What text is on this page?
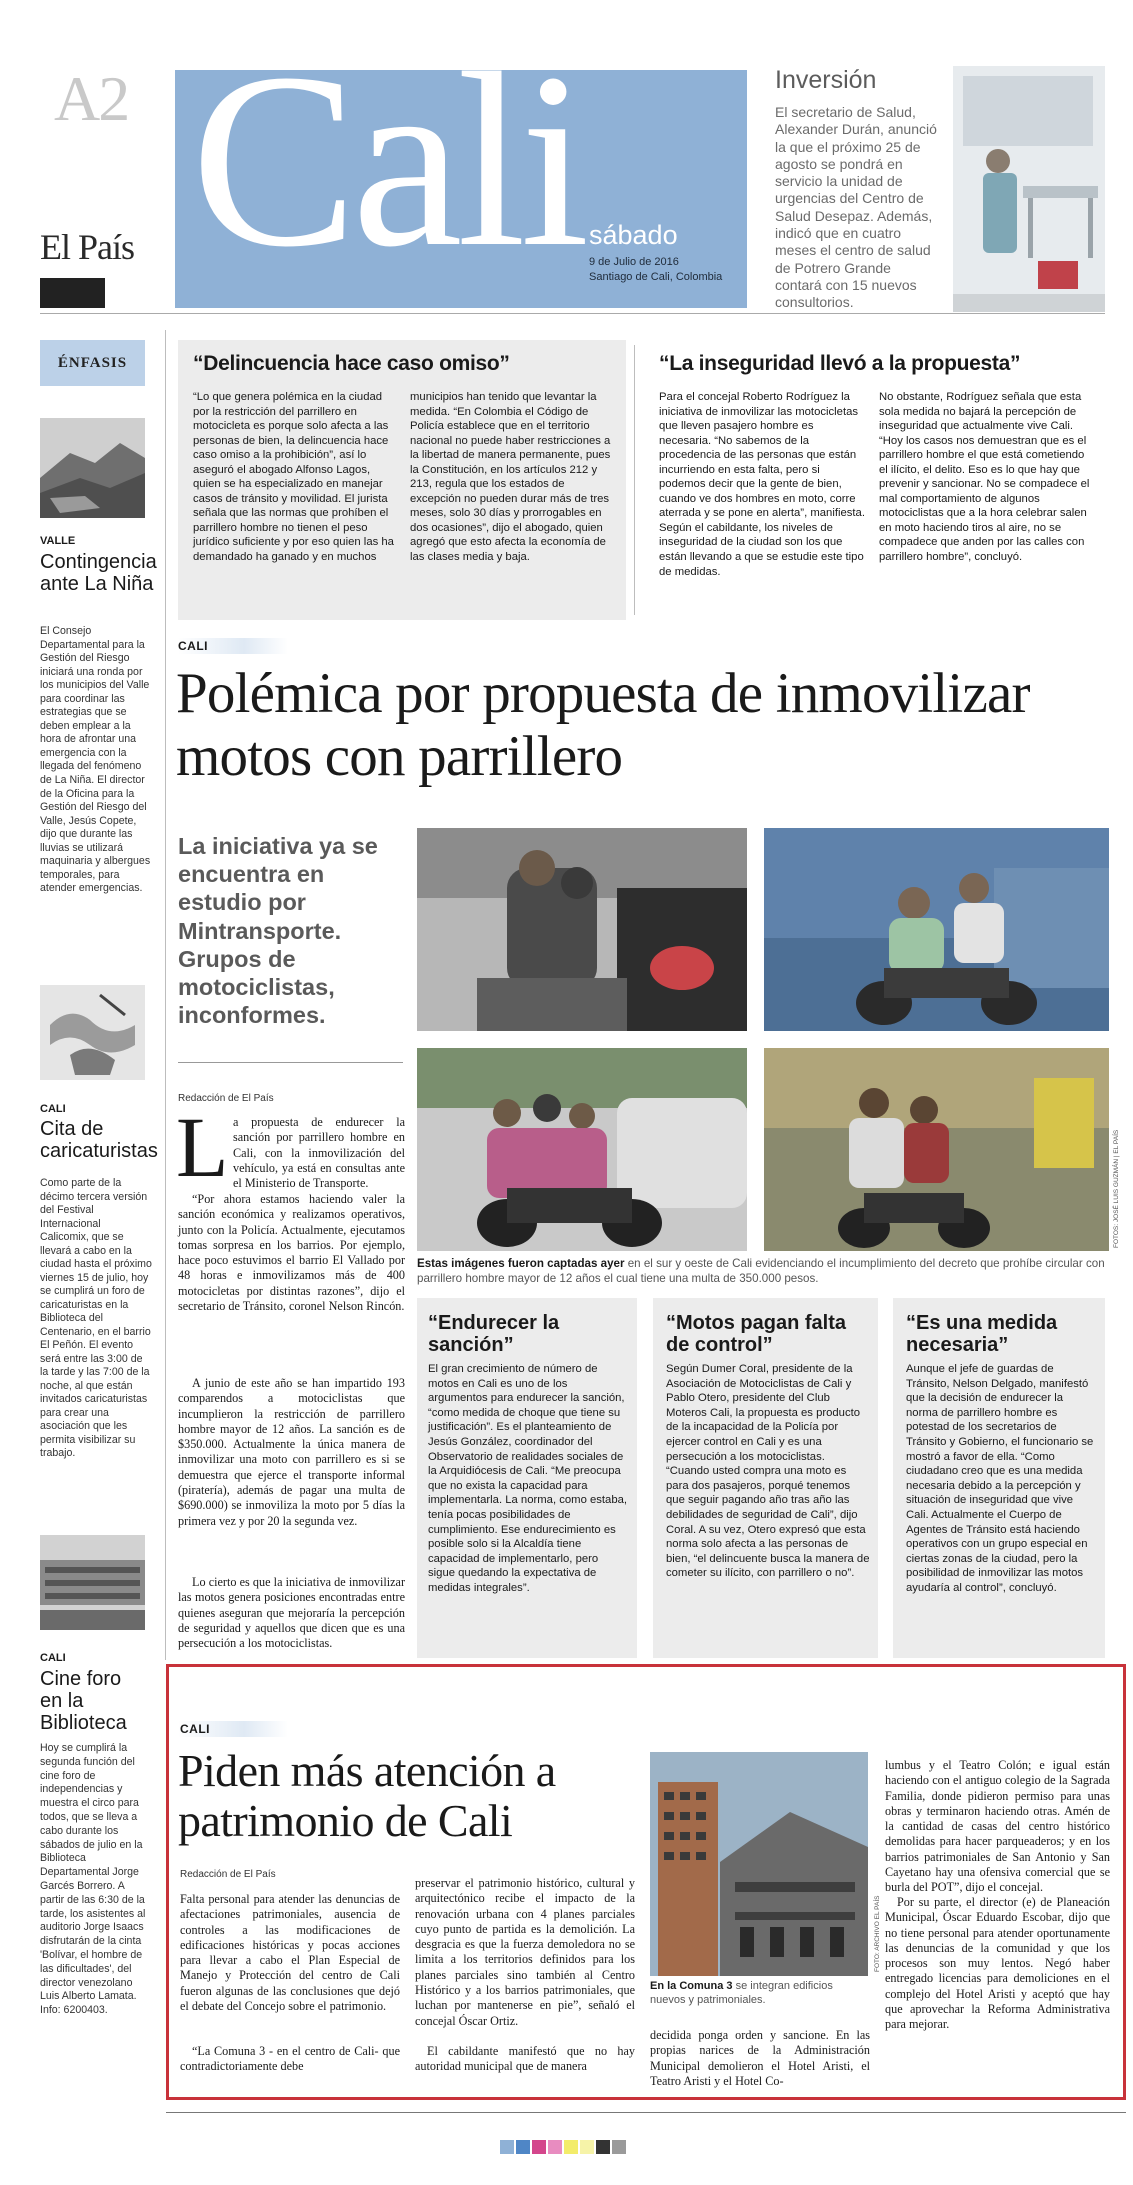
A2
El País Cali sábado
9 de Julio de 2016
Santiago de Cali, Colombia
Inversión
El secretario de Salud, Alexander Durán, anunció la que el próximo 25 de agosto se pondrá en servicio la unidad de urgencias del Centro de Salud Desepaz. Además, indicó que en cuatro meses el centro de salud de Potrero Grande contará con 15 nuevos consultorios.
ÉNFASIS
VALLE
Contingencia ante La Niña
El Consejo Departamental para la Gestión del Riesgo iniciará una ronda por los municipios del Valle para coordinar las estrategias que se deben emplear a la hora de afrontar una emergencia con la llegada del fenómeno de La Niña. El director de la Oficina para la Gestión del Riesgo del Valle, Jesús Copete, dijo que durante las lluvias se utilizará maquinaria y albergues temporales, para atender emergencias.
CALI
Cita de caricaturistas
Como parte de la décimo tercera versión del Festival Internacional Calicomix, que se llevará a cabo en la ciudad hasta el próximo viernes 15 de julio, hoy se cumplirá un foro de caricaturistas en la Biblioteca del Centenario, en el barrio El Peñón. El evento será entre las 3:00 de la tarde y las 7:00 de la noche, al que están invitados caricaturistas para crear una asociación que les permita visibilizar su trabajo.
CALI
Cine foro en la Biblioteca
Hoy se cumplirá la segunda función del cine foro de independencias y muestra el circo para todos, que se lleva a cabo durante los sábados de julio en la Biblioteca Departamental Jorge Garcés Borrero. A partir de las 6:30 de la tarde, los asistentes al auditorio Jorge Isaacs disfrutarán de la cinta 'Bolívar, el hombre de las dificultades', del director venezolano Luis Alberto Lamata. Info: 6200403.
“Delincuencia hace caso omiso”
“Lo que genera polémica en la ciudad por la restricción del parrillero en motocicleta es porque solo afecta a las personas de bien, la delincuencia hace caso omiso a la prohibición”, así lo aseguró el abogado Alfonso Lagos, quien se ha especializado en manejar casos de tránsito y movilidad. El jurista señala que las normas que prohíben el parrillero hombre no tienen el peso jurídico suficiente y por eso quien las ha demandado ha ganado y en muchos
municipios han tenido que levantar la medida. “En Colombia el Código de Policía establece que en el territorio nacional no puede haber restricciones a la libertad de manera permanente, pues la Constitución, en los artículos 212 y 213, regula que los estados de excepción no pueden durar más de tres meses, solo 30 días y prorrogables en dos ocasiones”, dijo el abogado, quien agregó que esto afecta la economía de las clases media y baja.
“La inseguridad llevó a la propuesta”
Para el concejal Roberto Rodríguez la iniciativa de inmovilizar las motocicletas que lleven pasajero hombre es necesaria. “No sabemos de la procedencia de las personas que están incurriendo en esta falta, pero si podemos decir que la gente de bien, cuando ve dos hombres en moto, corre aterrada y se pone en alerta”, manifiesta. Según el cabildante, los niveles de inseguridad de la ciudad son los que están llevando a que se estudie este tipo de medidas.
No obstante, Rodríguez señala que esta sola medida no bajará la percepción de inseguridad que actualmente vive Cali. “Hoy los casos nos demuestran que es el parrillero hombre el que está cometiendo el ilícito, el delito. Eso es lo que hay que prevenir y sancionar. No se compadece el mal comportamiento de algunos motociclistas que a la hora celebrar salen en moto haciendo tiros al aire, no se compadece que anden por las calles con parrillero hombre”, concluyó.
CALI
Polémica por propuesta de inmovilizar motos con parrillero
La iniciativa ya se encuentra en estudio por Mintransporte. Grupos de motociclistas, inconformes.
FOTOS: JOSÉ LUIS GUZMÁN | EL PAÍS
Estas imágenes fueron captadas ayer en el sur y oeste de Cali evidenciando el incumplimiento del decreto que prohíbe circular con parrillero hombre mayor de 12 años el cual tiene una multa de 350.000 pesos.
Redacción de El País
L a propuesta de endurecer la sanción por parrillero hombre en Cali, con la inmovilización del vehículo, ya está en consultas ante el Ministerio de Transporte.
“Por ahora estamos haciendo valer la sanción económica y realizamos operativos, junto con la Policía. Actualmente, ejecutamos tomas sorpresa en los barrios. Por ejemplo, hace poco estuvimos el barrio El Vallado por 48 horas e inmovilizamos más de 400 motocicletas por distintas razones”, dijo el secretario de Tránsito, coronel Nelson Rincón.
A junio de este año se han impartido 193 comparendos a motociclistas que incumplieron la restricción de parrillero hombre mayor de 12 años. La sanción es de $350.000. Actualmente la única manera de inmovilizar una moto con parrillero es si se demuestra que ejerce el transporte informal (piratería), además de pagar una multa de $690.000) se inmoviliza la moto por 5 días la primera vez y por 20 la segunda vez.
Lo cierto es que la iniciativa de inmovilizar las motos genera posiciones encontradas entre quienes aseguran que mejoraría la percepción de seguridad y aquellos que dicen que es una persecución a los motociclistas.
“Endurecer la sanción”
El gran crecimiento de número de motos en Cali es uno de los argumentos para endurecer la sanción, “como medida de choque que tiene su justificación”. Es el planteamiento de Jesús González, coordinador del Observatorio de realidades sociales de la Arquidiócesis de Cali. “Me preocupa que no exista la capacidad para implementarla. La norma, como estaba, tenía pocas posibilidades de cumplimiento. Ese endurecimiento es posible solo si la Alcaldía tiene capacidad de implementarlo, pero sigue quedando la expectativa de medidas integrales”.
“Motos pagan falta de control”
Según Dumer Coral, presidente de la Asociación de Motociclistas de Cali y Pablo Otero, presidente del Club Moteros Cali, la propuesta es producto de la incapacidad de la Policía por ejercer control en Cali y es una persecución a los motociclistas. “Cuando usted compra una moto es para dos pasajeros, porqué tenemos que seguir pagando año tras año las debilidades de seguridad de Cali”, dijo Coral. A su vez, Otero expresó que esta norma solo afecta a las personas de bien, “el delincuente busca la manera de cometer su ilícito, con parrillero o no”.
“Es una medida necesaria”
Aunque el jefe de guardas de Tránsito, Nelson Delgado, manifestó que la decisión de endurecer la norma de parrillero hombre es potestad de los secretarios de Tránsito y Gobierno, el funcionario se mostró a favor de ella. “Como ciudadano creo que es una medida necesaria debido a la percepción y situación de inseguridad que vive Cali. Actualmente el Cuerpo de Agentes de Tránsito está haciendo operativos con un grupo especial en ciertas zonas de la ciudad, pero la posibilidad de inmovilizar las motos ayudaría al control”, concluyó.
CALI
Piden más atención a patrimonio de Cali
Redacción de El País
Falta personal para atender las denuncias de afectaciones patrimoniales, ausencia de controles a las modificaciones de edificaciones históricas y pocas acciones para llevar a cabo el Plan Especial de Manejo y Protección del centro de Cali fueron algunas de las conclusiones que dejó el debate del Concejo sobre el patrimonio.
“La Comuna 3 - en el centro de Cali- que contradictoriamente debe
preservar el patrimonio histórico, cultural y arquitectónico recibe el impacto de la renovación urbana con 4 planes parciales cuyo punto de partida es la demolición. La desgracia es que la fuerza demoledora no se limita a los territorios definidos para los planes parciales sino también al Centro Histórico y a los barrios patrimoniales, que luchan por mantenerse en pie”, señaló el concejal Óscar Ortiz.
El cabildante manifestó que no hay autoridad municipal que de manera
FOTO: ARCHIVO EL PAÍS
En la Comuna 3 se integran edificios nuevos y patrimoniales.
decidida ponga orden y sancione. En las propias narices de la Administración Municipal demolieron el Hotel Aristi, el Teatro Aristi y el Hotel Co-
lumbus y el Teatro Colón; e igual están haciendo con el antiguo colegio de la Sagrada Familia, donde pidieron permiso para unas obras y terminaron haciendo otras. Amén de la cantidad de casas del centro histórico demolidas para hacer parqueaderos; y en los barrios patrimoniales de San Antonio y San Cayetano hay una ofensiva comercial que se burla del POT”, dijo el concejal.
Por su parte, el director (e) de Planeación Municipal, Óscar Eduardo Escobar, dijo que no tiene personal para atender oportunamente las denuncias de la comunidad y que los procesos son muy lentos. Negó haber entregado licencias para demoliciones en el complejo del Hotel Aristi y aceptó que hay que aprovechar la Reforma Administrativa para mejorar.
